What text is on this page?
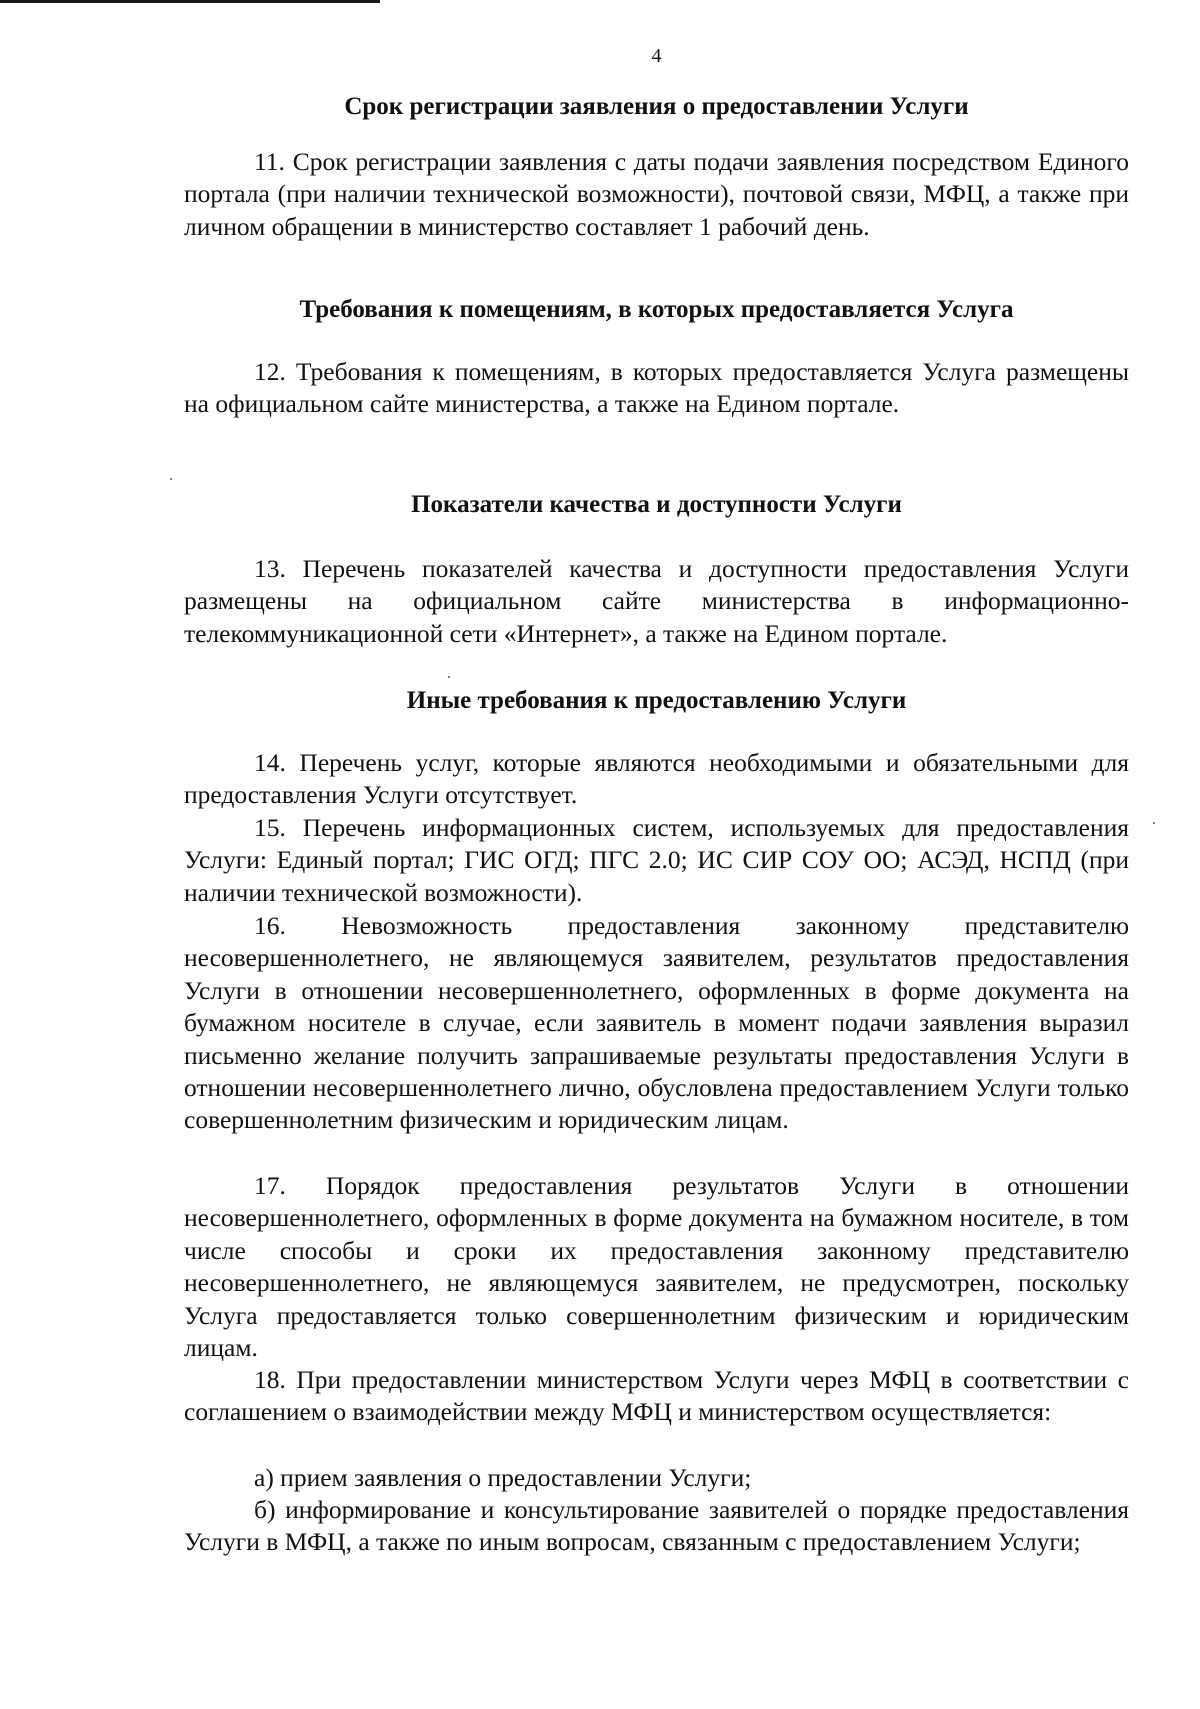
4
Срок регистрации заявления о предоставлении Услуги

11. Срок регистрации заявления с даты подачи заявления посредством Единого портала (при наличии технической возможности), почтовой связи, МФЦ, а также при личном обращении в министерство составляет 1 рабочий день.

Требования к помещениям, в которых предоставляется Услуга

12. Требования к помещениям, в которых предоставляется Услуга размещены на официальном сайте министерства, а также на Едином портале.

Показатели качества и доступности Услуги

13. Перечень показателей качества и доступности предоставления Услуги размещены на официальном сайте министерства в информационно-телекоммуникационной сети «Интернет», а также на Едином портале.

Иные требования к предоставлению Услуги

14. Перечень услуг, которые являются необходимыми и обязательными для предоставления Услуги отсутствует.

15. Перечень информационных систем, используемых для предоставления Услуги: Единый портал; ГИС ОГД; ПГС 2.0; ИС СИР СОУ ОО; АСЭД, НСПД (при наличии технической возможности).

16. Невозможность предоставления законному представителю несовершеннолетнего, не являющемуся заявителем, результатов предоставления Услуги в отношении несовершеннолетнего, оформленных в форме документа на бумажном носителе в случае, если заявитель в момент подачи заявления выразил письменно желание получить запрашиваемые результаты предоставления Услуги в отношении несовершеннолетнего лично, обусловлена предоставлением Услуги только совершеннолетним физическим и юридическим лицам.

17. Порядок предоставления результатов Услуги в отношении несовершеннолетнего, оформленных в форме документа на бумажном носителе, в том числе способы и сроки их предоставления законному представителю несовершеннолетнего, не являющемуся заявителем, не предусмотрен, поскольку Услуга предоставляется только совершеннолетним физическим и юридическим лицам.

18. При предоставлении министерством Услуги через МФЦ в соответствии с соглашением о взаимодействии между МФЦ и министерством осуществляется:

а) прием заявления о предоставлении Услуги;

б) информирование и консультирование заявителей о порядке предоставления Услуги в МФЦ, а также по иным вопросам, связанным с предоставлением Услуги;
